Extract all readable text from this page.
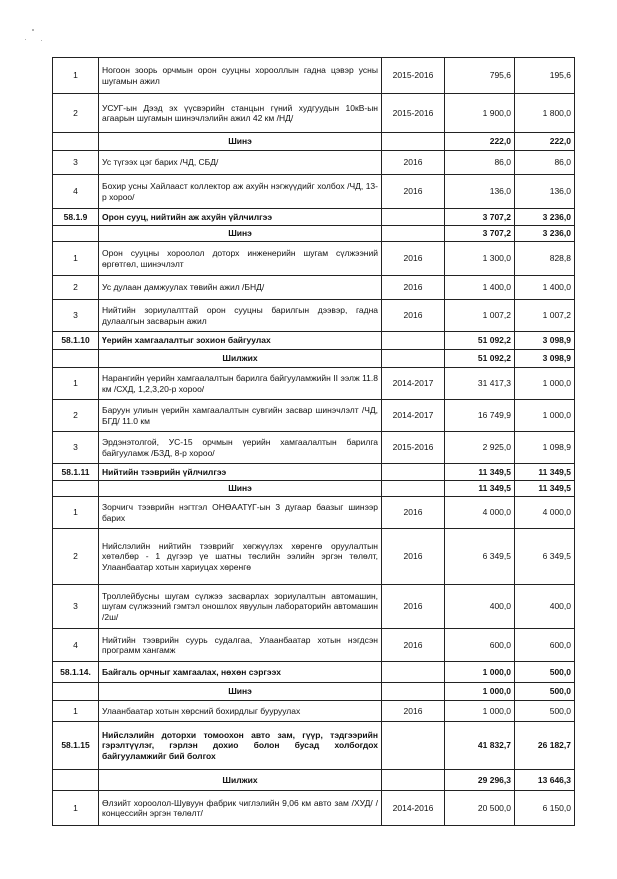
1	Ногоон зоорь орчмын орон сууцны хорооллын гадна цэвэр усны шугамын ажил	2015-2016	795,6	195,6
2	УСУГ-ын Дээд эх үүсвэрийн станцын гүний худгуудын 10кВ-ын агаарын шугамын шинэчлэлийн ажил 42 км /НД/	2015-2016	1 900,0	1 800,0
	Шинэ		222,0	222,0
3	Ус түгээх цэг барих /ЧД, СБД/	2016	86,0	86,0
4	Бохир усны Хайлааст коллектор аж ахуйн нэгжүүдийг холбох /ЧД, 13-р хороо/	2016	136,0	136,0
58.1.9	Орон сууц, нийтийн аж ахуйн үйлчилгээ		3 707,2	3 236,0
	Шинэ		3 707,2	3 236,0
1	Орон сууцны хороолол доторх инженерийн шугам сүлжээний өргөтгөл, шинэчлэлт	2016	1 300,0	828,8
2	Ус дулаан дамжуулах төвийн ажил /БНД/	2016	1 400,0	1 400,0
3	Нийтийн зориулалттай орон сууцны барилгын дээвэр, гадна дулаалгын засварын ажил	2016	1 007,2	1 007,2
58.1.10	Үерийн хамгаалалтыг зохион байгуулах		51 092,2	3 098,9
	Шилжих		51 092,2	3 098,9
1	Нарангийн үерийн хамгаалалтын барилга байгууламжийн II ээлж 11.8 км /СХД, 1,2,3,20-р хороо/	2014-2017	31 417,3	1 000,0
2	Баруун улиын үерийн хамгаалалтын сувгийн засвар шинэчлэлт /ЧД, БГД/ 11.0 км	2014-2017	16 749,9	1 000,0
3	Эрдэнэтолгой, УС-15 орчмын үерийн хамгаалалтын барилга байгууламж /БЗД, 8-р хороо/	2015-2016	2 925,0	1 098,9
58.1.11	Нийтийн тээврийн үйлчилгээ		11 349,5	11 349,5
	Шинэ		11 349,5	11 349,5
1	Зорчигч тээврийн нэгтгэл ОНӨААТҮГ-ын 3 дугаар баазыг шинээр барих	2016	4 000,0	4 000,0
2	Нийслэлийн нийтийн тээврийг хөгжүүлэх хөренгө оруулалтын хөтөлбөр - 1 дүгээр үе шатны төслийн ээлийн эргэн төлөлт, Улаанбаатар хотын хариуцах хөренгө	2016	6 349,5	6 349,5
3	Троллейбусны шугам сүлжээ засварлах зориулалтын автомашин, шугам сүлжээний гэмтэл оношлох явуулын лабораторийн автомашин /2ш/	2016	400,0	400,0
4	Нийтийн тээврийн суурь судалгаа, Улаанбаатар хотын нэгдсэн программ хангамж	2016	600,0	600,0
58.1.14.	Байгаль орчныг хамгаалах, нөхөн сэргээх		1 000,0	500,0
	Шинэ		1 000,0	500,0
1	Улаанбаатар хотын хөрсний бохирдлыг бууруулах	2016	1 000,0	500,0
58.1.15	Нийслэлийн доторхи томоохон авто зам, гүүр, тэдгээрийн гэрэлтүүлэг, гэрлэн дохио болон бусад холбогдох байгууламжийг бий болгох		41 832,7	26 182,7
	Шилжих		29 296,3	13 646,3
1	Өлзийт хороолол-Шувуун фабрик чиглэлийн 9,06 км авто зам /ХУД/ /концессийн эргэн төлөлт/	2014-2016	20 500,0	6 150,0
